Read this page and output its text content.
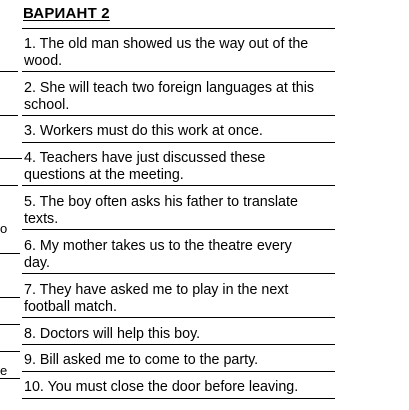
ВАРИАНТ 2
1. The old man showed us the way out of the
wood.
2. She will teach two foreign languages at this
school.
3. Workers must do this work at once.
4. Teachers have just discussed these
questions at the meeting.
5. The boy often asks his father to translate
texts.
o
6. My mother takes us to the theatre every
day.
7. They have asked me to play in the next
football match.
8. Doctors will help this boy.
9. Bill asked me to come to the party.
e
10. You must close the door before leaving.
